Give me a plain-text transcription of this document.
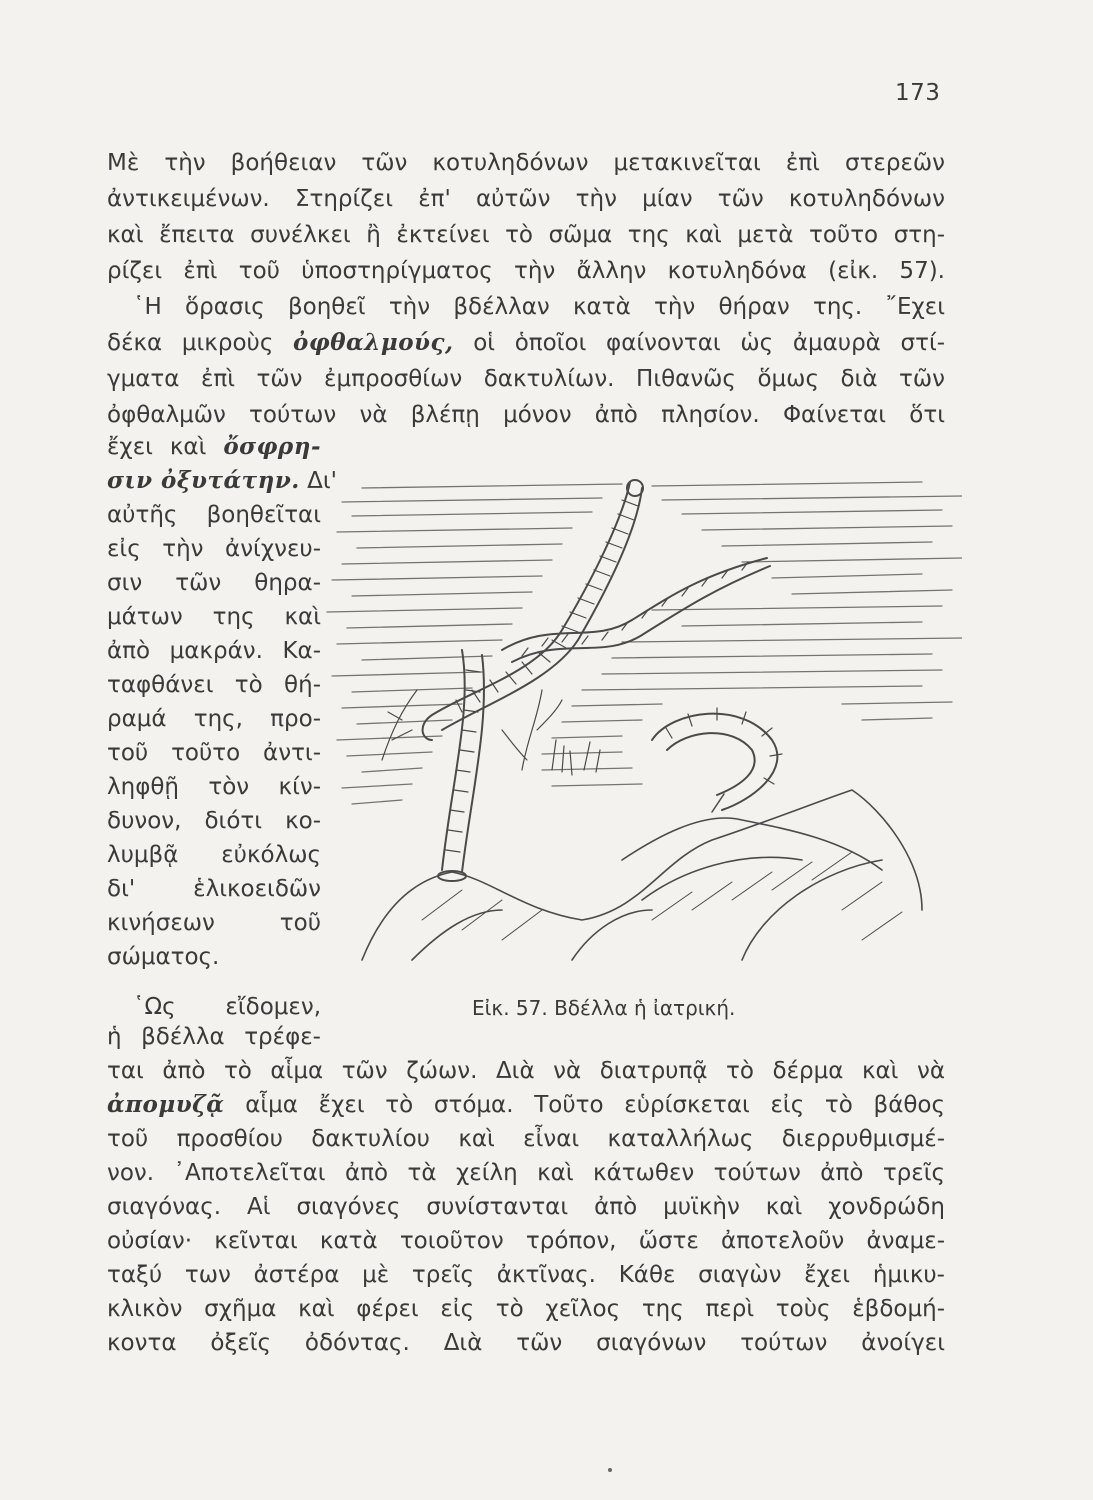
173
Μὲ τὴν βοήθειαν τῶν κοτυληδόνων μετακινεῖται ἐπὶ στερεῶν
ἀντικειμένων. Στηρίζει ἐπ' αὐτῶν τὴν μίαν τῶν κοτυληδόνων
καὶ ἔπειτα συνέλκει ἢ ἐκτείνει τὸ σῶμα της καὶ μετὰ τοῦτο στη-
ρίζει ἐπὶ τοῦ ὑποστηρίγματος τὴν ἄλλην κοτυληδόνα (εἰκ. 57).
῾Η ὅρασις βοηθεῖ τὴν βδέλλαν κατὰ τὴν θήραν της. ῎Εχει
δέκα μικροὺς ὀφθαλμούς, οἱ ὁποῖοι φαίνονται ὡς ἀμαυρὰ στί-
γματα ἐπὶ τῶν ἐμπροσθίων δακτυλίων. Πιθανῶς ὅμως διὰ τῶν
ὀφθαλμῶν τούτων νὰ βλέπῃ μόνον ἀπὸ πλησίον. Φαίνεται ὅτι
ἔχει καὶ ὄσφρη-
σιν ὀξυτάτην. Δι'
αὐτῆς βοηθεῖται
εἰς τὴν ἀνίχνευ-
σιν τῶν θηρα-
μάτων της καὶ
ἀπὸ μακράν. Κα-
ταφθάνει τὸ θή-
ραμά της, προ-
τοῦ τοῦτο ἀντι-
ληφθῇ τὸν κίν-
δυνον, διότι κο-
λυμβᾷ εὐκόλως
δι' ἑλικοειδῶν
κινήσεων τοῦ
σώματος.
Εἰκ. 57. Βδέλλα ἡ ἰατρική.
῾Ως εἴδομεν,
ἡ βδέλλα τρέφε-
ται ἀπὸ τὸ αἷμα τῶν ζώων. Διὰ νὰ διατρυπᾷ τὸ δέρμα καὶ νὰ
ἀπομυζᾷ αἷμα ἔχει τὸ στόμα. Τοῦτο εὑρίσκεται εἰς τὸ βάθος
τοῦ προσθίου δακτυλίου καὶ εἶναι καταλλήλως διερρυθμισμέ-
νον. ᾿Αποτελεῖται ἀπὸ τὰ χείλη καὶ κάτωθεν τούτων ἀπὸ τρεῖς
σιαγόνας. Αἱ σιαγόνες συνίστανται ἀπὸ μυϊκὴν καὶ χονδρώδη
οὐσίαν· κεῖνται κατὰ τοιοῦτον τρόπον, ὥστε ἀποτελοῦν ἀναμε-
ταξύ των ἀστέρα μὲ τρεῖς ἀκτῖνας. Κάθε σιαγὼν ἔχει ἡμικυ-
κλικὸν σχῆμα καὶ φέρει εἰς τὸ χεῖλος της περὶ τοὺς ἑβδομή-
κοντα ὀξεῖς ὀδόντας. Διὰ τῶν σιαγόνων τούτων ἀνοίγει
